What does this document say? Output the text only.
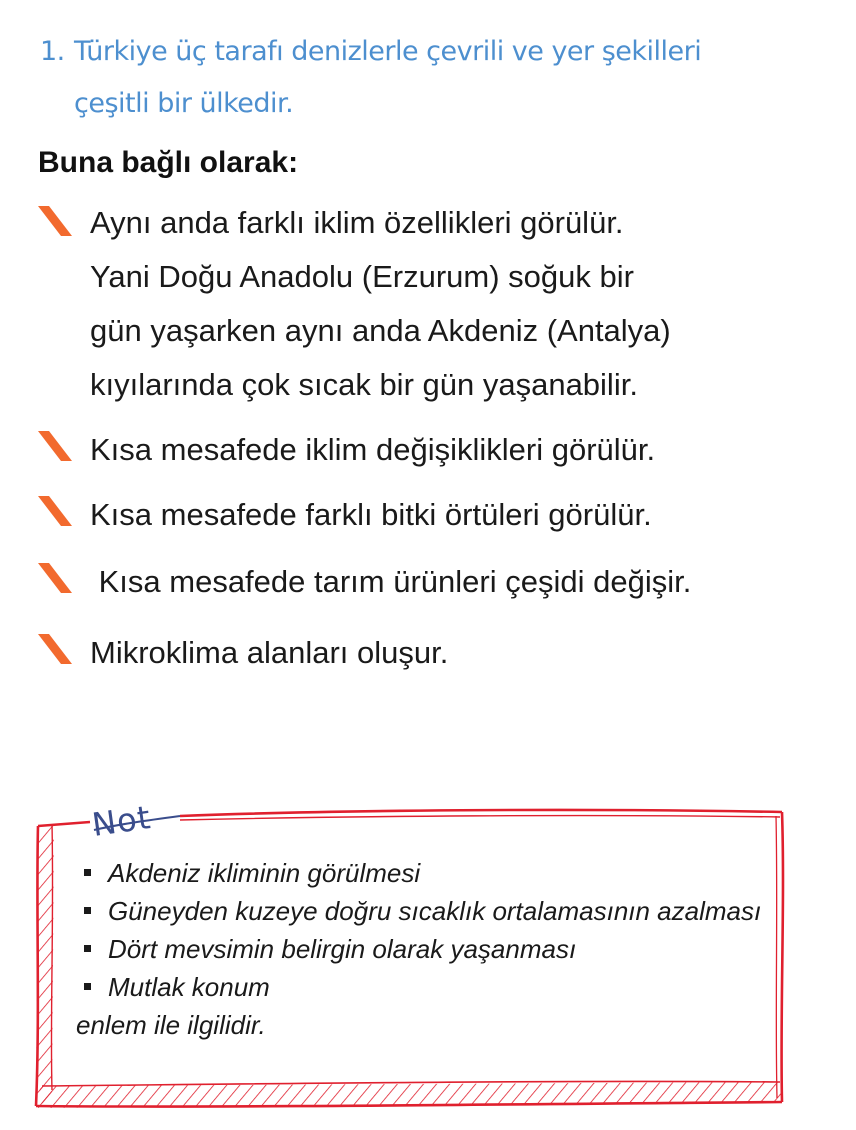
1. Türkiye üç tarafı denizlerle çevrili ve yer şekilleri
çeşitli bir ülkedir.
Buna bağlı olarak:
Aynı anda farklı iklim özellikleri görülür.
Yani Doğu Anadolu (Erzurum) soğuk bir
gün yaşarken aynı anda Akdeniz (Antalya)
kıyılarında çok sıcak bir gün yaşanabilir.
Kısa mesafede iklim değişiklikleri görülür.
Kısa mesafede farklı bitki örtüleri görülür.
Kısa mesafede tarım ürünleri çeşidi değişir.
Mikroklima alanları oluşur.
Not
Akdeniz ikliminin görülmesi
Güneyden kuzeye doğru sıcaklık ortalamasının azalması
Dört mevsimin belirgin olarak yaşanması
Mutlak konum
enlem ile ilgilidir.
